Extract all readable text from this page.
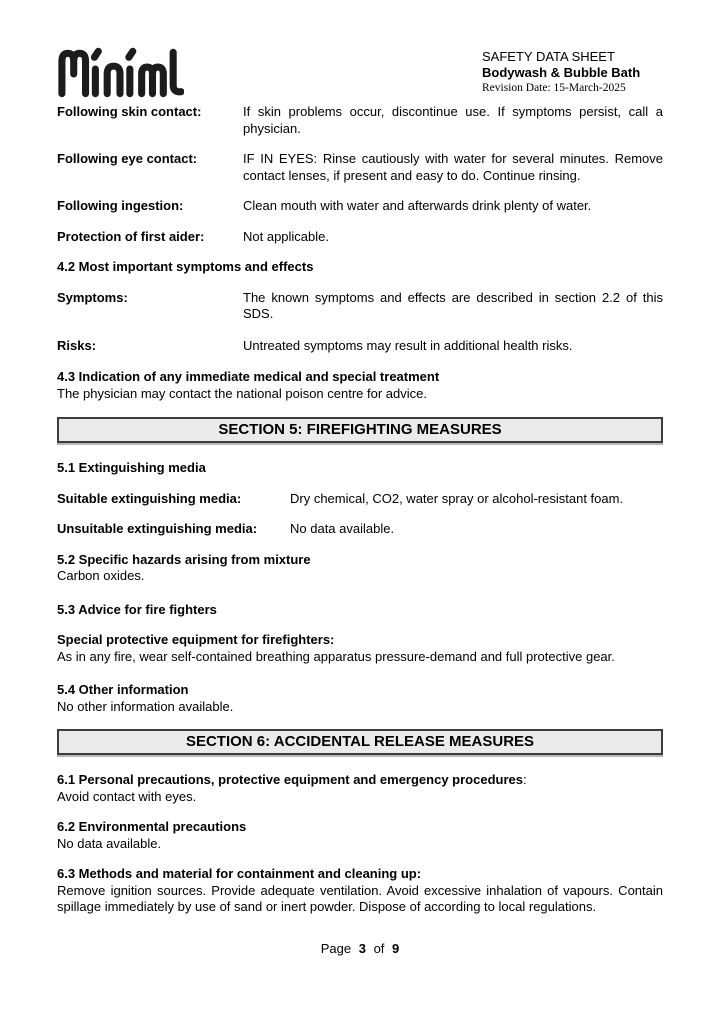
SAFETY DATA SHEET
Bodywash & Bubble Bath
Revision Date: 15-March-2025
Following skin contact:	If skin problems occur, discontinue use. If symptoms persist, call a physician.
Following eye contact:	IF IN EYES: Rinse cautiously with water for several minutes. Remove contact lenses, if present and easy to do. Continue rinsing.
Following ingestion:	Clean mouth with water and afterwards drink plenty of water.
Protection of first aider:	Not applicable.
4.2 Most important symptoms and effects
Symptoms:	The known symptoms and effects are described in section 2.2 of this SDS.
Risks:	Untreated symptoms may result in additional health risks.
4.3 Indication of any immediate medical and special treatment
The physician may contact the national poison centre for advice.
SECTION 5: FIREFIGHTING MEASURES
5.1 Extinguishing media
Suitable extinguishing media:	Dry chemical, CO2, water spray or alcohol-resistant foam.
Unsuitable extinguishing media:	No data available.
5.2 Specific hazards arising from mixture
Carbon oxides.
5.3 Advice for fire fighters
Special protective equipment for firefighters:
As in any fire, wear self-contained breathing apparatus pressure-demand and full protective gear.
5.4 Other information
No other information available.
SECTION 6: ACCIDENTAL RELEASE MEASURES
6.1 Personal precautions, protective equipment and emergency procedures:
Avoid contact with eyes.
6.2 Environmental precautions
No data available.
6.3 Methods and material for containment and cleaning up:
Remove ignition sources. Provide adequate ventilation. Avoid excessive inhalation of vapours. Contain spillage immediately by use of sand or inert powder. Dispose of according to local regulations.
Page 3 of 9
